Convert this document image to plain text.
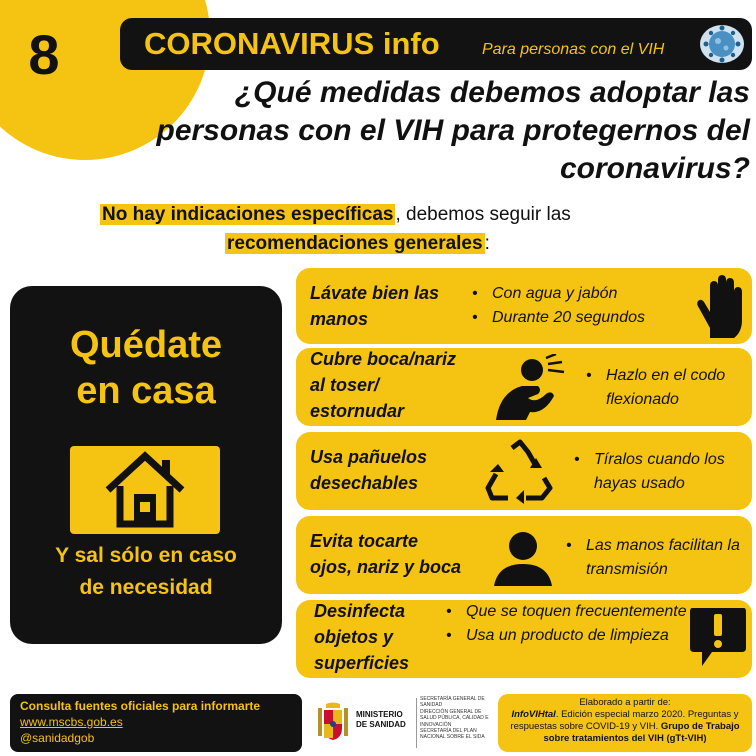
8	CORONAVIRUS info	Para personas con el VIH
¿Qué medidas debemos adoptar las personas con el VIH para protegernos del coronavirus?
No hay indicaciones específicas , debemos seguir las
recomendaciones generales :
Quédate
en casa
Y sal sólo en caso
de necesidad
Lávate bien las
manos
• Con agua y jabón
• Durante 20 segundos
Cubre boca/nariz
al toser/
estornudar
• Hazlo en el codo flexionado
Usa pañuelos
desechables
• Tíralos cuando los hayas usado
Evita tocarte
ojos, nariz y boca
• Las manos facilitan la transmisión
Desinfecta
objetos y
superficies
• Que se toquen frecuentemente
• Usa un producto de limpieza
Consulta fuentes oficiales para informarte
www.mscbs.gob.es
@sanidadgob
MINISTERIO DE SANIDAD
SECRETARÍA GENERAL DE SANIDAD
DIRECCIÓN GENERAL DE SALUD PÚBLICA, CALIDAD E INNOVACIÓN
SECRETARÍA DEL PLAN NACIONAL SOBRE EL SIDA
Elaborado a partir de:
InfoVIHtal. Edición especial marzo 2020. Preguntas y respuestas sobre COVID-19 y VIH. Grupo de Trabajo sobre tratamientos del VIH (gTt-VIH)
